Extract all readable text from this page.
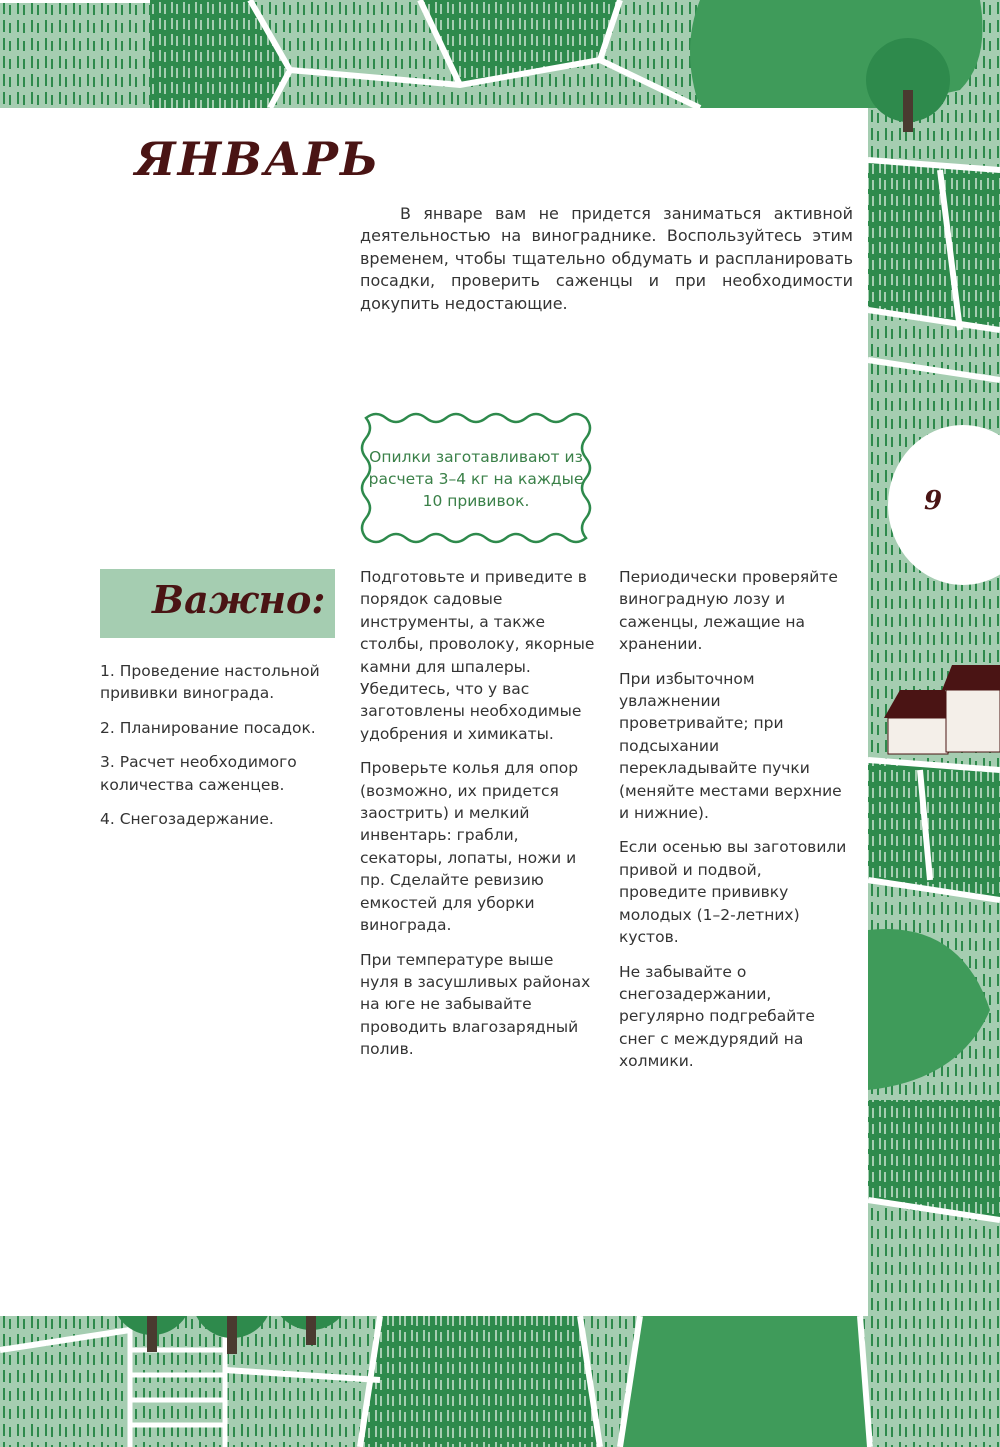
9
ЯНВАРЬ
В январе вам не придется заниматься активной деятельностью на винограднике. Воспользуйтесь этим временем, чтобы тщательно обдумать и распланировать посадки, проверить саженцы и при необходимости докупить недостающие.
Опилки заготавливают из расчета 3–4 кг на каждые 10 прививок.
Важно:
1. Проведение настольной прививки винограда.
2. Планирование посадок.
3. Расчет необходимого количества саженцев.
4. Снегозадержание.

Подготовьте и приведите в порядок садовые инструменты, а также столбы, проволоку, якорные камни для шпалеры. Убедитесь, что у вас заготовлены необходимые удобрения и химикаты.

Проверьте колья для опор (возможно, их придется заострить) и мелкий инвентарь: грабли, секаторы, лопаты, ножи и пр. Сделайте ревизию емкостей для уборки винограда.

При температуре выше нуля в засушливых районах на юге не забывайте проводить влагозарядный полив.

Периодически проверяйте виноградную лозу и саженцы, лежащие на хранении.

При избыточном увлажнении проветривайте; при подсыхании перекладывайте пучки (меняйте местами верхние и нижние).

Если осенью вы заготовили привой и подвой, проведите прививку молодых (1–2-летних) кустов.

Не забывайте о снегозадержании, регулярно подгребайте снег с междурядий на холмики.
